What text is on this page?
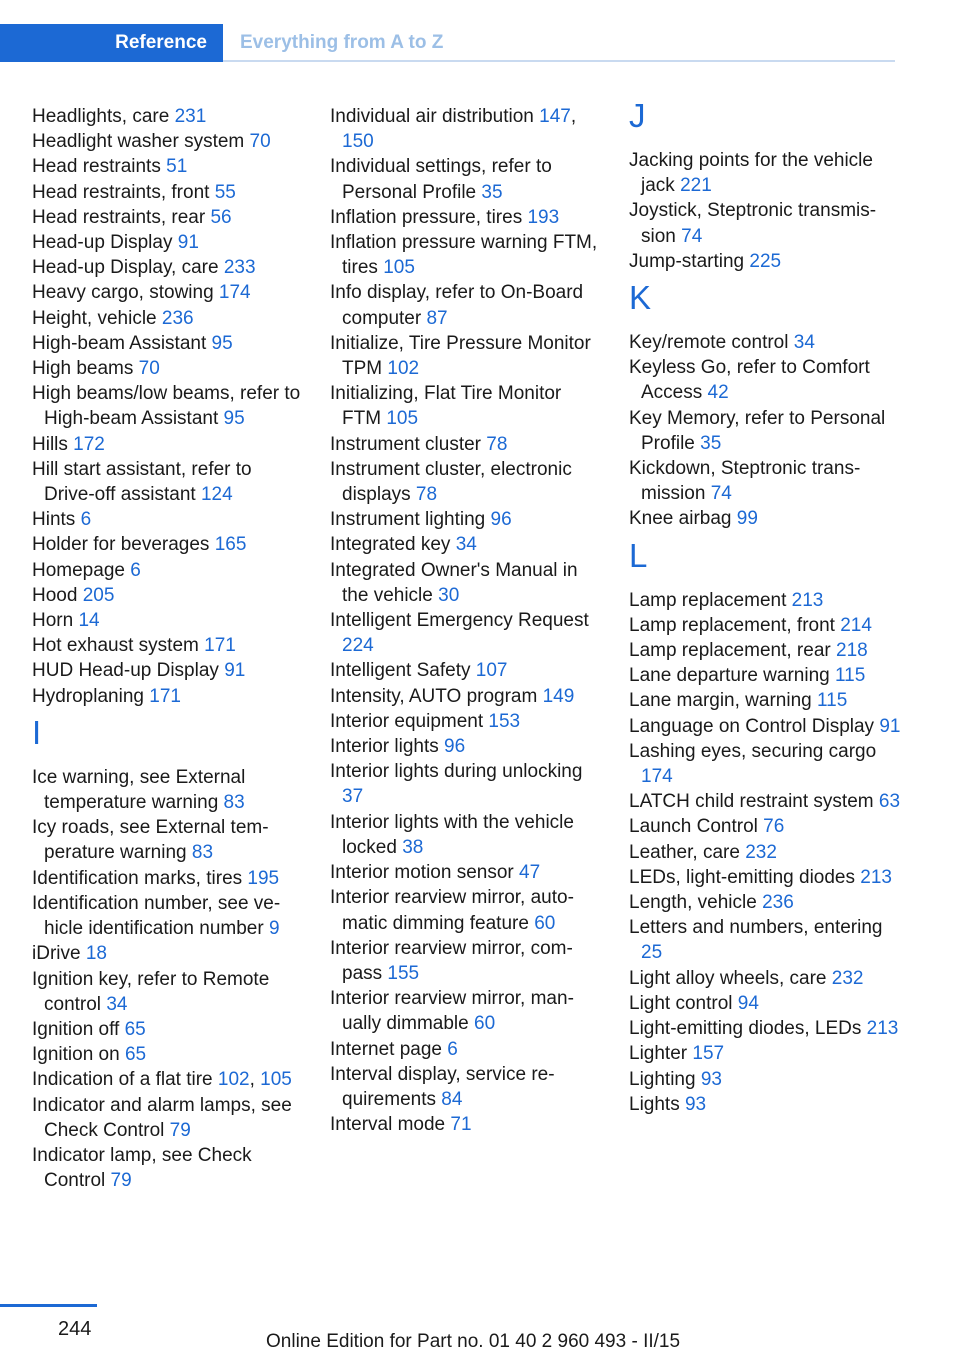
Reference Everything from A to Z

Headlights, care 231

Headlight washer system 70

Head restraints 51

Head restraints, front 55

Head restraints, rear 56

Head-up Display 91

Head-up Display, care 233

Heavy cargo, stowing 174

Height, vehicle 236

High-beam Assistant 95

High beams 70

High beams/low beams, refer to High-beam Assistant 95

Hills 172

Hill start assistant, refer to Drive-off assistant 124

Hints 6

Holder for beverages 165

Homepage 6

Hood 205

Horn 14

Hot exhaust system 171

HUD Head-up Display 91

Hydroplaning 171

I

Ice warning, see External temperature warning 83

Icy roads, see External temperature warning 83

Identification marks, tires 195

Identification number, see vehicle identification number 9

iDrive 18

Ignition key, refer to Remote control 34

Ignition off 65

Ignition on 65

Indication of a flat tire 102, 105

Indicator and alarm lamps, see Check Control 79

Indicator lamp, see Check Control 79

Individual air distribution 147, 150

Individual settings, refer to Personal Profile 35

Inflation pressure, tires 193

Inflation pressure warning FTM, tires 105

Info display, refer to On-Board computer 87

Initialize, Tire Pressure Monitor TPM 102

Initializing, Flat Tire Monitor FTM 105

Instrument cluster 78

Instrument cluster, electronic displays 78

Instrument lighting 96

Integrated key 34

Integrated Owner's Manual in the vehicle 30

Intelligent Emergency Request 224

Intelligent Safety 107

Intensity, AUTO program 149

Interior equipment 153

Interior lights 96

Interior lights during unlocking 37

Interior lights with the vehicle locked 38

Interior motion sensor 47

Interior rearview mirror, automatic dimming feature 60

Interior rearview mirror, compass 155

Interior rearview mirror, manually dimmable 60

Internet page 6

Interval display, service requirements 84

Interval mode 71

J

Jacking points for the vehicle jack 221

Joystick, Steptronic transmission 74

Jump-starting 225

K

Key/remote control 34

Keyless Go, refer to Comfort Access 42

Key Memory, refer to Personal Profile 35

Kickdown, Steptronic transmission 74

Knee airbag 99

L

Lamp replacement 213

Lamp replacement, front 214

Lamp replacement, rear 218

Lane departure warning 115

Lane margin, warning 115

Language on Control Display 91

Lashing eyes, securing cargo 174

LATCH child restraint system 63

Launch Control 76

Leather, care 232

LEDs, light-emitting diodes 213

Length, vehicle 236

Letters and numbers, entering 25

Light alloy wheels, care 232

Light control 94

Light-emitting diodes, LEDs 213

Lighter 157

Lighting 93

Lights 93

244
Online Edition for Part no. 01 40 2 960 493 - II/15
